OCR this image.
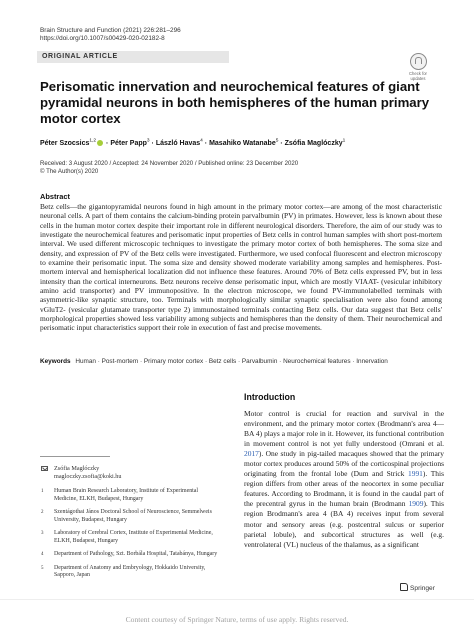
Brain Structure and Function (2021) 226:281–296
https://doi.org/10.1007/s00429-020-02182-8
ORIGINAL ARTICLE
Check for
updates
Perisomatic innervation and neurochemical features of giant pyramidal neurons in both hemispheres of the human primary motor cortex
Péter Szocsics$^{1,2}$ · Péter Papp$^3$ · László Havas$^4$ · Masahiko Watanabe$^5$ · Zsófia Maglóczky$^1$
Received: 3 August 2020 / Accepted: 24 November 2020 / Published online: 23 December 2020
© The Author(s) 2020
Abstract
Betz cells—the gigantopyramidal neurons found in high amount in the primary motor cortex—are among of the most characteristic neuronal cells. A part of them contains the calcium-binding protein parvalbumin (PV) in primates. However, less is known about these cells in the human motor cortex despite their important role in different neurological disorders. Therefore, the aim of our study was to investigate the neurochemical features and perisomatic input properties of Betz cells in control human samples with short post-mortem interval. We used different microscopic techniques to investigate the primary motor cortex of both hemispheres. The soma size and density, and expression of PV of the Betz cells were investigated. Furthermore, we used confocal fluorescent and electron microscopy to examine their perisomatic input. The soma size and density showed moderate variability among samples and hemispheres. Post-mortem interval and hemispherical localization did not influence these features. Around 70% of Betz cells expressed PV, but in less intensity than the cortical interneurons. Betz neurons receive dense perisomatic input, which are mostly VIAAT- (vesicular inhibitory amino acid transporter) and PV immunopositive. In the electron microscope, we found PV-immunolabelled terminals with asymmetric-like synaptic structure, too. Terminals with morphologically similar synaptic specialisation were also found among vGluT2- (vesicular glutamate transporter type 2) immunostained terminals contacting Betz cells. Our data suggest that Betz cells' morphological properties showed less variability among subjects and hemispheres than the density of them. Their neurochemical and perisomatic input characteristics support their role in execution of fast and precise movements.
Keywords Human · Post-mortem · Primary motor cortex · Betz cells · Parvalbumin · Neurochemical features · Innervation
Zsófia Maglóczky
magloczky.zsofia@koki.hu
1 Human Brain Research Laboratory, Institute of Experimental Medicine, ELKH, Budapest, Hungary
2 Szentágothai János Doctoral School of Neuroscience, Semmelweis University, Budapest, Hungary
3 Laboratory of Cerebral Cortex, Institute of Experimental Medicine, ELKH, Budapest, Hungary
4 Department of Pathology, Szt. Borbála Hospital, Tatabánya, Hungary
5 Department of Anatomy and Embryology, Hokkaido University, Sapporo, Japan
Introduction
Motor control is crucial for reaction and survival in the environment, and the primary motor cortex (Brodmann's area 4—BA 4) plays a major role in it. However, its functional contribution in movement control is not yet fully understood (Omrani et al. 2017). One study in pig-tailed macaques showed that the primary motor cortex produces around 50% of the corticospinal projections originating from the frontal lobe (Dum and Strick 1991). This region differs from other areas of the neocortex in some peculiar features. According to Brodmann, it is found in the caudal part of the precentral gyrus in the human brain (Brodmann 1909). This region Brodmann's area 4 (BA 4) receives input from several motor and sensory areas (e.g. postcentral sulcus or superior parietal lobule), and subcortical structures as well (e.g. ventrolateral (VL) nucleus of the thalamus, as a significant
Springer
Content courtesy of Springer Nature, terms of use apply. Rights reserved.
